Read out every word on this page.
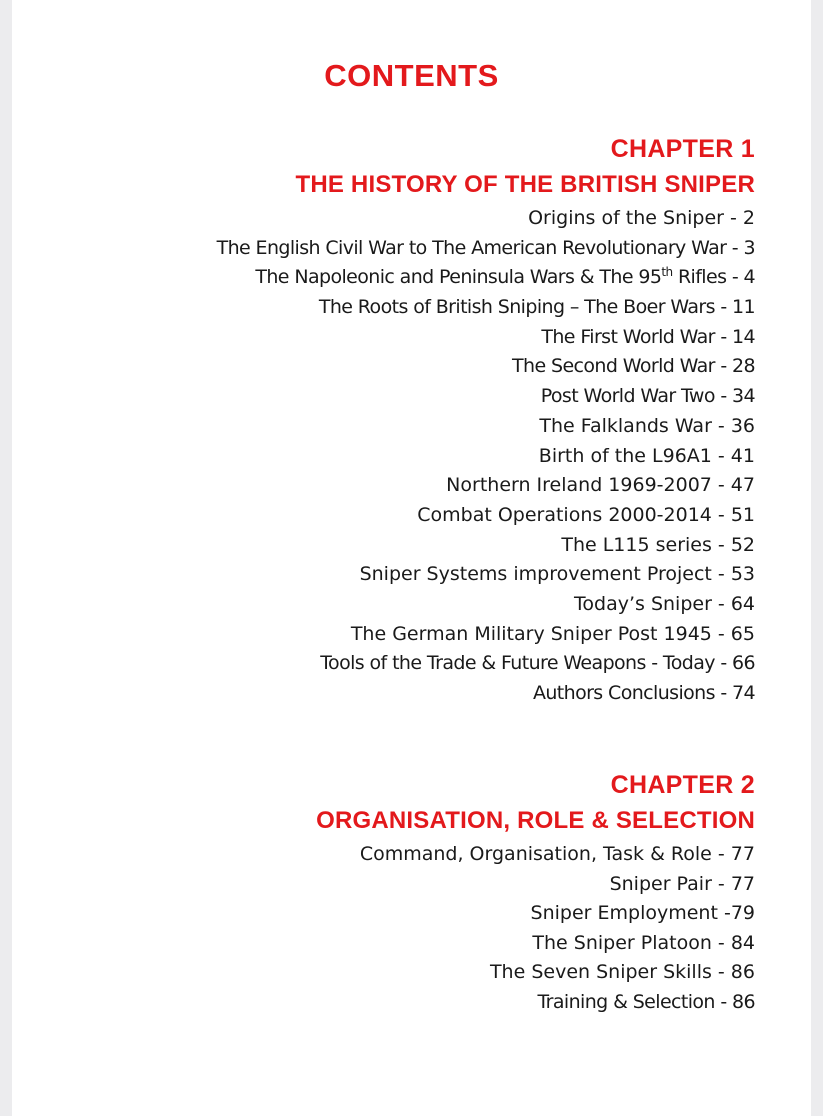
CONTENTS
CHAPTER 1
THE HISTORY OF THE BRITISH SNIPER
Origins of the Sniper - 2
The English Civil War to The American Revolutionary War - 3
The Napoleonic and Peninsula Wars & The 95th Rifles - 4
The Roots of British Sniping – The Boer Wars - 11
The First World War - 14
The Second World War - 28
Post World War Two - 34
The Falklands War - 36
Birth of the L96A1 - 41
Northern Ireland 1969-2007 - 47
Combat Operations 2000-2014 - 51
The L115 series - 52
Sniper Systems improvement Project - 53
Today’s Sniper - 64
The German Military Sniper Post 1945 - 65
Tools of the Trade & Future Weapons - Today - 66
Authors Conclusions - 74
CHAPTER 2
ORGANISATION, ROLE & SELECTION
Command, Organisation, Task & Role - 77
Sniper Pair - 77
Sniper Employment -79
The Sniper Platoon - 84
The Seven Sniper Skills - 86
Training & Selection - 86
